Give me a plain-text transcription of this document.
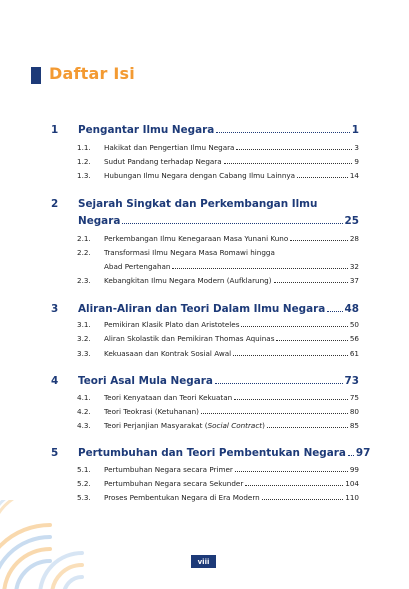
Daftar Isi
1 Pengantar Ilmu Negara	1
1.1. Hakikat dan Pengertian Ilmu Negara	3
1.2. Sudut Pandang terhadap Negara	9
1.3. Hubungan Ilmu Negara dengan Cabang Ilmu Lainnya	14
2 Sejarah Singkat dan Perkembangan Ilmu
Negara	25
2.1. Perkembangan Ilmu Kenegaraan Masa Yunani Kuno	28
2.2. Transformasi Ilmu Negara Masa Romawi hingga
Abad Pertengahan	32
2.3. Kebangkitan Ilmu Negara Modern (Aufklarung)	37
3 Aliran-Aliran dan Teori Dalam Ilmu Negara 48
3.1. Pemikiran Klasik Plato dan Aristoteles	50
3.2. Aliran Skolastik dan Pemikiran Thomas Aquinas	56
3.3. Kekuasaan dan Kontrak Sosial Awal	61
4 Teori Asal Mula Negara	73
4.1. Teori Kenyataan dan Teori Kekuatan	75
4.2. Teori Teokrasi (Ketuhanan)	80
4.3. Teori Perjanjian Masyarakat (Social Contract)	85
5 Pertumbuhan dan Teori Pembentukan Negara 97
5.1. Pertumbuhan Negara secara Primer	99
5.2. Pertumbuhan Negara secara Sekunder	104
5.3. Proses Pembentukan Negara di Era Modern	110
viii
